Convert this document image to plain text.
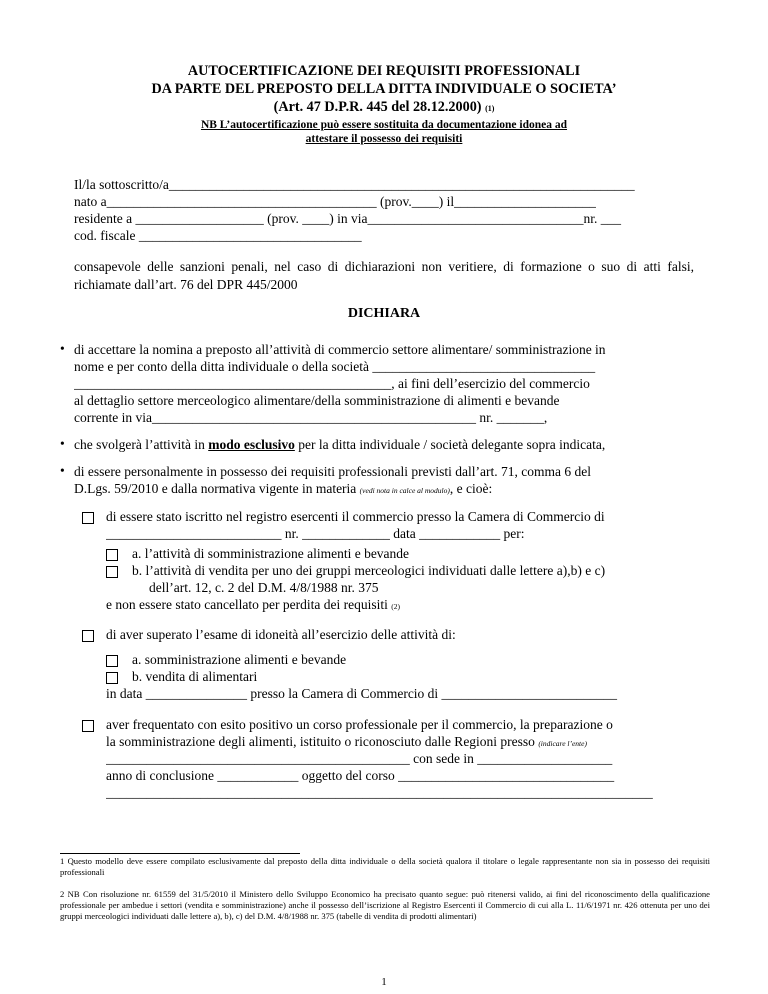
AUTOCERTIFICAZIONE DEI REQUISITI PROFESSIONALI
DA PARTE DEL PREPOSTO DELLA DITTA INDIVIDUALE O SOCIETA’
(Art. 47 D.P.R. 445 del 28.12.2000) (1)
NB L’autocertificazione può essere sostituita da documentazione idonea ad
attestare il possesso dei requisiti
Il/la sottoscritto/a_____________________________________________________________________
nato a________________________________________ (prov.____) il_____________________
residente a ___________________ (prov. ____) in via________________________________nr. ___
cod. fiscale _________________________________
consapevole delle sanzioni penali, nel caso di dichiarazioni non veritiere, di formazione o suo di atti falsi, richiamate dall’art. 76 del DPR 445/2000
DICHIARA
• di accettare la nomina a preposto all’attività di commercio settore alimentare/ somministrazione in
nome e per conto della ditta individuale o della società _________________________________
_______________________________________________, ai fini dell’esercizio del commercio
al dettaglio settore merceologico alimentare/della somministrazione di alimenti e bevande
corrente in via________________________________________________ nr. _______,
• che svolgerà l’attività in modo esclusivo per la ditta individuale / società delegante sopra indicata,
• di essere personalmente in possesso dei requisiti professionali previsti dall’art. 71, comma 6 del
D.Lgs. 59/2010 e dalla normativa vigente in materia (vedi nota in calce al modulo), e cioè:
di essere stato iscritto nel registro esercenti il commercio presso la Camera di Commercio di
__________________________ nr. _____________ data ____________ per:
a. l’attività di somministrazione alimenti e bevande
b. l’attività di vendita per uno dei gruppi merceologici individuati dalle lettere a),b) e c)
dell’art. 12, c. 2 del D.M. 4/8/1988 nr. 375
e non essere stato cancellato per perdita dei requisiti (2)
di aver superato l’esame di idoneità all’esercizio delle attività di:
a. somministrazione alimenti e bevande
b. vendita di alimentari
in data _______________ presso la Camera di Commercio di __________________________
aver frequentato con esito positivo un corso professionale per il commercio, la preparazione o
la somministrazione degli alimenti, istituito o riconosciuto dalle Regioni presso (indicare l’ente)
_____________________________________________ con sede in ____________________
anno di conclusione ____________ oggetto del corso ________________________________
_________________________________________________________________________________
1 Questo modello deve essere compilato esclusivamente dal preposto della ditta individuale o della società qualora il titolare o legale rappresentante non sia in possesso dei requisiti professionali
2 NB Con risoluzione nr. 61559 del 31/5/2010 il Ministero dello Sviluppo Economico ha precisato quanto segue: può ritenersi valido, ai fini del riconoscimento della qualificazione professionale per ambedue i settori (vendita e somministrazione) anche il possesso dell’iscrizione al Registro Esercenti il Commercio di cui alla L. 11/6/1971 nr. 426 ottenuta per uno dei gruppi merceologici individuati dalle lettere a), b), c) del D.M. 4/8/1988 nr. 375 (tabelle di vendita di prodotti alimentari)
1
